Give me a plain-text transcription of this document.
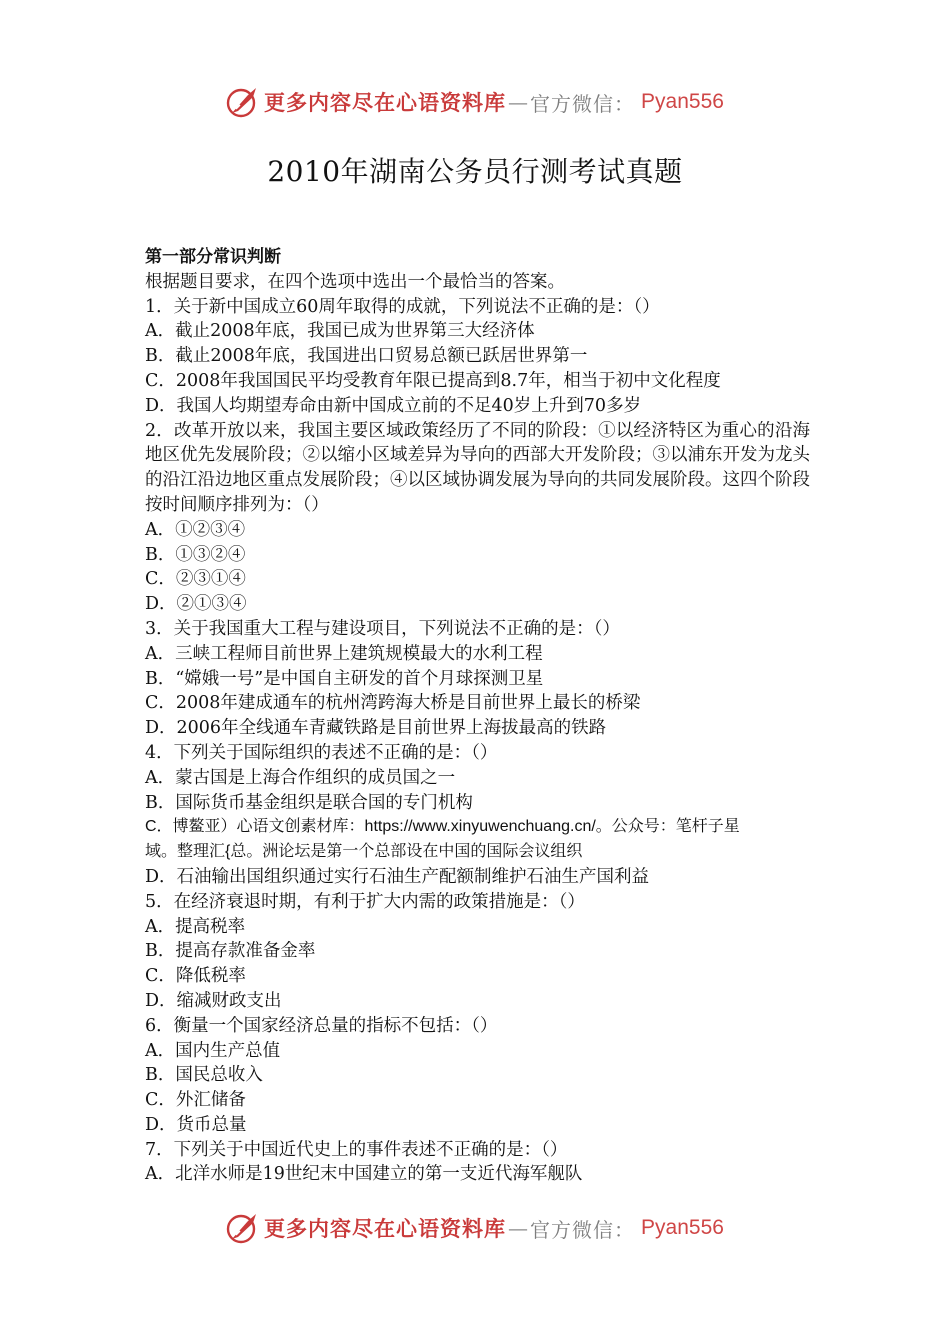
更多内容尽在心语资料库 — 官方微信： Pyan556
2010年湖南公务员行测考试真题
第一部分常识判断
根据题目要求，在四个选项中选出一个最恰当的答案。
1．关于新中国成立60周年取得的成就，下列说法不正确的是：（）
A．截止2008年底，我国已成为世界第三大经济体
B．截止2008年底，我国进出口贸易总额已跃居世界第一
C．2008年我国国民平均受教育年限已提高到8.7年，相当于初中文化程度
D．我国人均期望寿命由新中国成立前的不足40岁上升到70多岁
2．改革开放以来，我国主要区域政策经历了不同的阶段：①以经济特区为重心的沿海地区优先发展阶段；②以缩小区域差异为导向的西部大开发阶段；③以浦东开发为龙头的沿江沿边地区重点发展阶段；④以区域协调发展为导向的共同发展阶段。这四个阶段按时间顺序排列为：（）
A．①②③④
B．①③②④
C．②③①④
D．②①③④
3．关于我国重大工程与建设项目，下列说法不正确的是：（）
A．三峡工程师目前世界上建筑规模最大的水利工程
B．“嫦娥一号”是中国自主研发的首个月球探测卫星
C．2008年建成通车的杭州湾跨海大桥是目前世界上最长的桥梁
D．2006年全线通车青藏铁路是目前世界上海拔最高的铁路
4．下列关于国际组织的表述不正确的是：（）
A．蒙古国是上海合作组织的成员国之一
B．国际货币基金组织是联合国的专门机构
C．博鳌亚）心语文创素材库：https://www.xinyuwenchuang.cn/。公众号：笔杆子星
域。整理汇{总。洲论坛是第一个总部设在中国的国际会议组织
D．石油输出国组织通过实行石油生产配额制维护石油生产国利益
5．在经济衰退时期，有利于扩大内需的政策措施是：（）
A．提高税率
B．提高存款准备金率
C．降低税率
D．缩减财政支出
6．衡量一个国家经济总量的指标不包括：（）
A．国内生产总值
B．国民总收入
C．外汇储备
D．货币总量
7．下列关于中国近代史上的事件表述不正确的是：（）
A．北洋水师是19世纪末中国建立的第一支近代海军舰队
更多内容尽在心语资料库 — 官方微信： Pyan556
